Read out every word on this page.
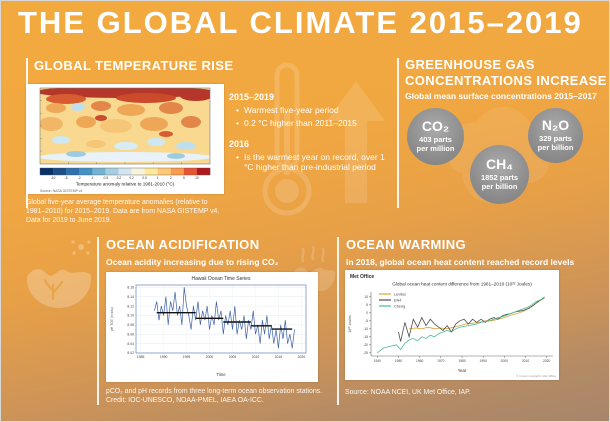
THE GLOBAL CLIMATE 2015–2019
GLOBAL TEMPERATURE RISE
-10	-5	-2	-1	-0.5 -0.2	0.2	0.5	1	2	5	10
Temperature anomaly relative to 1981-2010 (°C)
Source: NASA GISTEMP v4
Global five-year average temperature anomalies (relative to 1981–2010) for 2015–2019. Data are from NASA GISTEMP v4. Data for 2019 to June 2019.
2015–2019
• Warmest five-year period
• 0.2 °C higher than 2011–2015
2016
• Is the warmest year on record, over 1 °C higher than pre-industrial period
GREENHOUSE GAS
CONCENTRATIONS INCREASE
Global mean surface concentrations 2015–2017
CO₂
403 parts
per million
CH₄
1852 parts
per billion
N₂O
329 parts
per billion
OCEAN ACIDIFICATION
Ocean acidity increasing due to rising CO₂
Hawaii Ocean Time Series
8.02
8.04
8.06
8.08
8.10
8.12
8.14
8.16
1985	1990	1995	2000	2005	2010	2015	2020
Time
pH TOT (in situ)
pCO₂ and pH records from three long-term ocean observation stations.
Credit: IOC-UNESCO, NOAA-PMEL, IAEA OA-ICC.
OCEAN WARMING
In 2018, global ocean heat content reached record levels
Met Office
Global ocean heat content difference from 1961–2010 (10²² Joules)
-25
-20
-15
-10
-5
0
5
10
1940	1950	1960	1970	1980	1990	2000	2010	2020
Levitus
EN4
Cheng
10²² Joules
Year
© Crown copyright, Met Office
Source: NOAA NCEI, UK Met Office, IAP.
